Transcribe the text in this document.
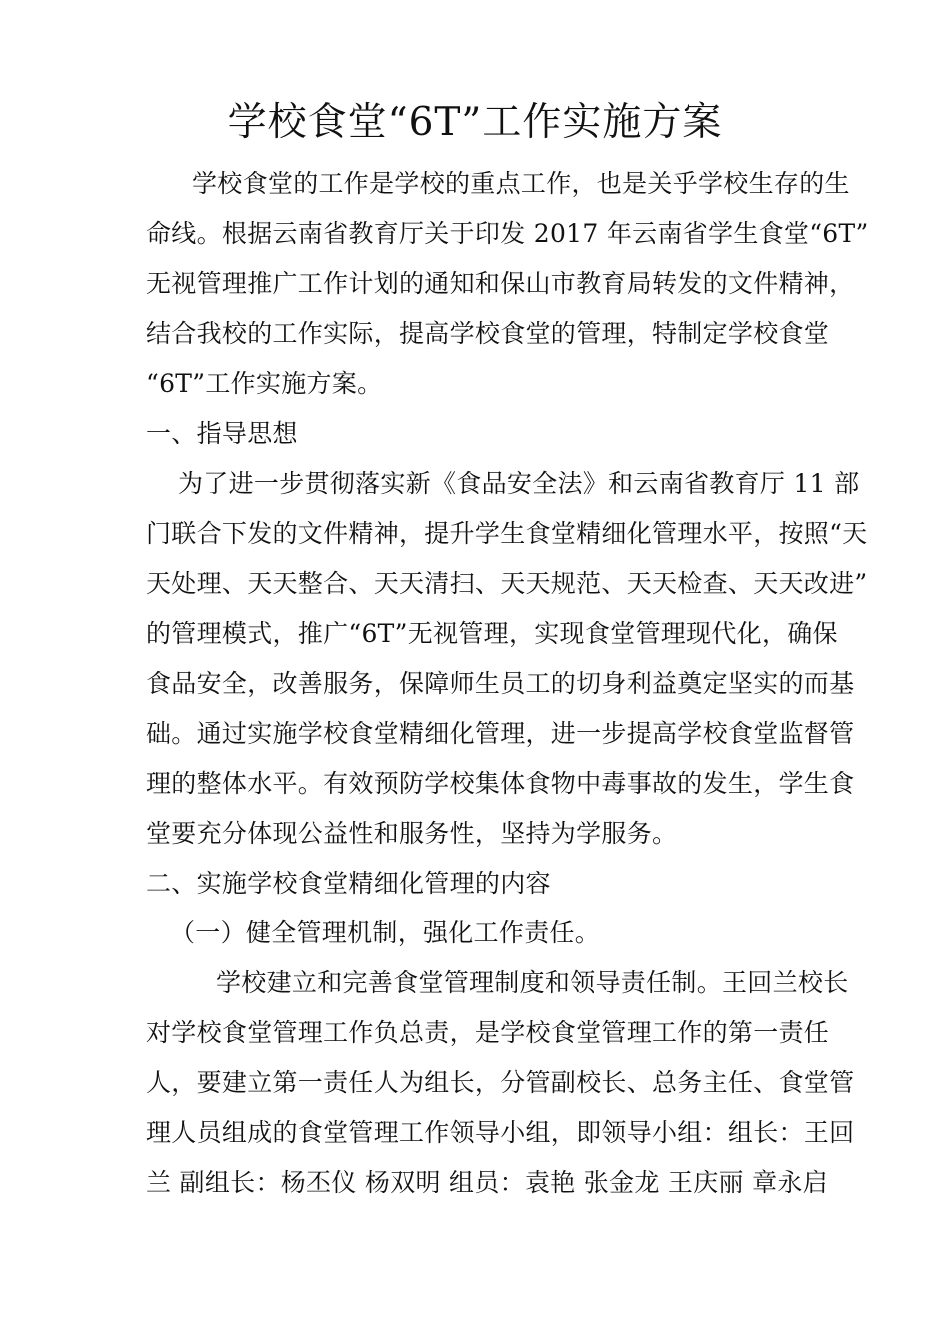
学校食堂“6T”工作实施方案
学校食堂的工作是学校的重点工作，也是关乎学校生存的生
命线。根据云南省教育厅关于印发 2017 年云南省学生食堂“6T”
无视管理推广工作计划的通知和保山市教育局转发的文件精神，
结合我校的工作实际，提高学校食堂的管理，特制定学校食堂
“6T”工作实施方案。
一、指导思想
为了进一步贯彻落实新《食品安全法》和云南省教育厅 11 部
门联合下发的文件精神，提升学生食堂精细化管理水平，按照“天
天处理、天天整合、天天清扫、天天规范、天天检查、天天改进”
的管理模式，推广“6T”无视管理，实现食堂管理现代化，确保
食品安全，改善服务，保障师生员工的切身利益奠定坚实的而基
础。通过实施学校食堂精细化管理，进一步提高学校食堂监督管
理的整体水平。有效预防学校集体食物中毒事故的发生，学生食
堂要充分体现公益性和服务性，坚持为学服务。
二、实施学校食堂精细化管理的内容
（一）健全管理机制，强化工作责任。
学校建立和完善食堂管理制度和领导责任制。王回兰校长
对学校食堂管理工作负总责，是学校食堂管理工作的第一责任
人，要建立第一责任人为组长，分管副校长、总务主任、食堂管
理人员组成的食堂管理工作领导小组，即领导小组：组长：王回
兰 副组长：杨丕仪 杨双明 组员：袁艳 张金龙 王庆丽 章永启
